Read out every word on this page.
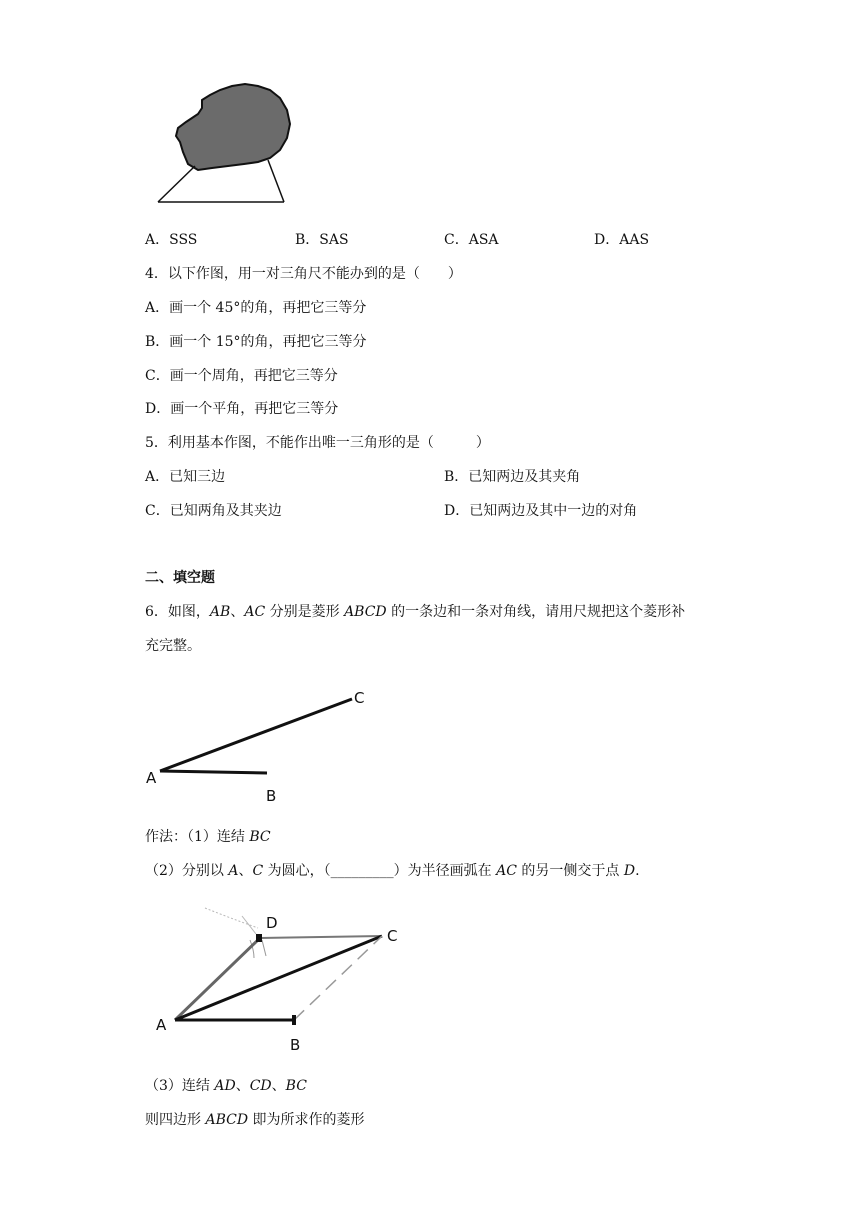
A．SSS	B．SAS	C．ASA	D．AAS
4．以下作图，用一对三角尺不能办到的是（　　）
A．画一个 45°的角，再把它三等分
B．画一个 15°的角，再把它三等分
C．画一个周角，再把它三等分
D．画一个平角，再把它三等分
5．利用基本作图，不能作出唯一三角形的是（　　　）
A．已知三边	B．已知两边及其夹角
C．已知两角及其夹边	D．已知两边及其中一边的对角
二、填空题
6．如图，AB、AC 分别是菱形 ABCD 的一条边和一条对角线，请用尺规把这个菱形补
充完整。
A
B
C
作法：（1）连结 BC
（2）分别以 A、C 为圆心，（_________）为半径画弧在 AC 的另一侧交于点 D.
A
B
C
D
（3）连结 AD、CD、BC
则四边形 ABCD 即为所求作的菱形
